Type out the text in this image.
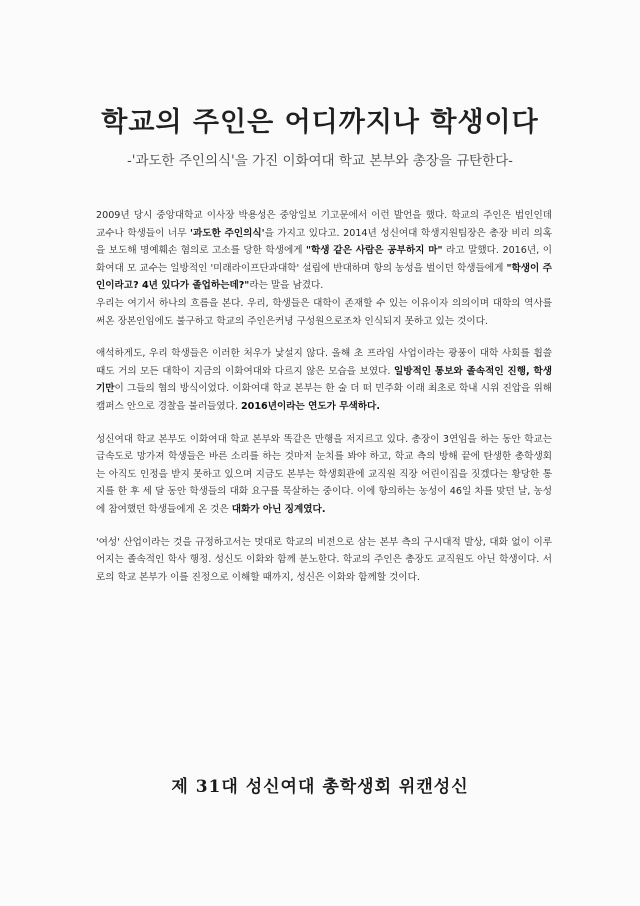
학교의 주인은 어디까지나 학생이다
-'과도한 주인의식'을 가진 이화여대 학교 본부와 총장을 규탄한다-

2009년 당시 중앙대학교 이사장 박용성은 중앙일보 기고문에서 이런 발언을 했다. 학교의 주인은 법인인데 교수나 학생들이 너무 '과도한 주인의식'을 가지고 있다고. 2014년 성신여대 학생지원팀장은 총장 비리 의혹을 보도해 명예훼손 혐의로 고소를 당한 학생에게 "학생 같은 사람은 공부하지 마" 라고 말했다. 2016년, 이화여대 모 교수는 일방적인 '미래라이프단과대학' 설립에 반대하며 항의 농성을 벌이던 학생들에게 "학생이 주인이라고? 4년 있다가 졸업하는데?"라는 말을 남겼다.
우리는 여기서 하나의 흐름을 본다. 우리, 학생들은 대학이 존재할 수 있는 이유이자 의의이며 대학의 역사를 써온 장본인임에도 불구하고 학교의 주인은커녕 구성원으로조차 인식되지 못하고 있는 것이다.

애석하게도, 우리 학생들은 이러한 처우가 낯설지 않다. 올해 초 프라임 사업이라는 광풍이 대학 사회를 휩쓸 때도 거의 모든 대학이 지금의 이화여대와 다르지 않은 모습을 보였다. 일방적인 통보와 졸속적인 진행, 학생 기만이 그들의 협의 방식이었다. 이화여대 학교 본부는 한 술 더 떠 민주화 이래 최초로 학내 시위 진압을 위해 캠퍼스 안으로 경찰을 불러들였다. 2016년이라는 연도가 무색하다.

성신여대 학교 본부도 이화여대 학교 본부와 똑같은 만행을 저지르고 있다. 총장이 3연임을 하는 동안 학교는 급속도로 망가져 학생들은 바른 소리를 하는 것마저 눈치를 봐야 하고, 학교 측의 방해 끝에 탄생한 총학생회는 아직도 인정을 받지 못하고 있으며 지금도 본부는 학생회관에 교직원 직장 어린이집을 짓겠다는 황당한 통지를 한 후 세 달 동안 학생들의 대화 요구를 묵살하는 중이다. 이에 항의하는 농성이 46일 차를 맞던 날, 농성에 참여했던 학생들에게 온 것은 대화가 아닌 징계였다.

'여성' 산업이라는 것을 규정하고서는 멋대로 학교의 비전으로 삼는 본부 측의 구시대적 발상, 대화 없이 이루어지는 졸속적인 학사 행정. 성신도 이화와 함께 분노한다. 학교의 주인은 총장도 교직원도 아닌 학생이다. 서로의 학교 본부가 이를 진정으로 이해할 때까지, 성신은 이화와 함께할 것이다.

제 31대 성신여대 총학생회 위캔성신
